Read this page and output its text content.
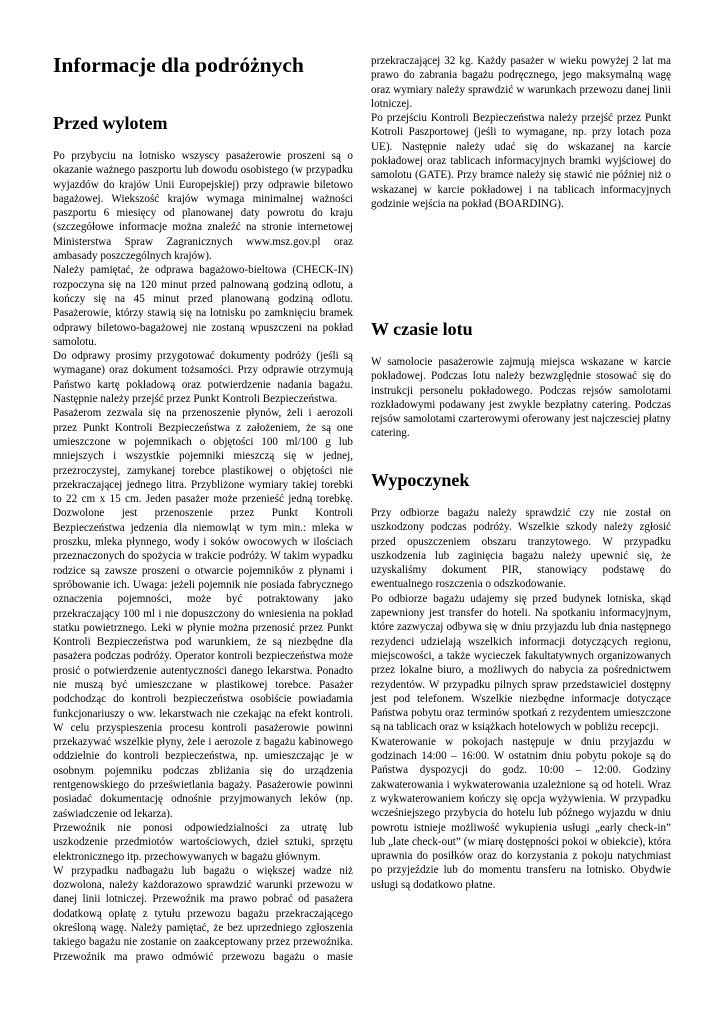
Informacje dla podróżnych
Przed wylotem

Po przybyciu na lotnisko wszyscy pasażerowie proszeni są o okazanie ważnego paszportu lub dowodu osobistego (w przypadku wyjazdów do krajów Unii Europejskiej) przy odprawie biletowo bagażowej. Wiekszość krajów wymaga minimalnej ważności paszportu 6 miesięcy od planowanej daty powrotu do kraju (szczegółowe informacje można znaleźć na stronie internetowej Ministerstwa Spraw Zagranicznych www.msz.gov.pl oraz ambasady poszczególnych krajów).

Należy pamiętać, że odprawa bagażowo-bieltowa (CHECK-IN) rozpoczyna się na 120 minut przed palnowaną godziną odlotu, a kończy się na 45 minut przed planowaną godziną odlotu. Pasażerowie, którzy stawią się na lotnisku po zamknięciu bramek odprawy biletowo-bagażowej nie zostaną wpuszczeni na pokład samolotu.

Do odprawy prosimy przygotować dokumenty podróży (jeśli są wymagane) oraz dokument tożsamości. Przy odprawie otrzymują Państwo kartę pokładową oraz potwierdzenie nadania bagażu. Następnie należy przejść przez Punkt Kontroli Bezpieczeństwa.

Pasażerom zezwala się na przenoszenie płynów, żeli i aerozoli przez Punkt Kontroli Bezpieczeństwa z założeniem, że są one umieszczone w pojemnikach o objętości 100 ml/100 g lub mniejszych i wszystkie pojemniki mieszczą się w jednej, przezroczystej, zamykanej torebce plastikowej o objętości nie przekraczającej jednego litra. Przybliżone wymiary takiej torebki to 22 cm x 15 cm. Jeden pasażer może przenieść jedną torebkę. Dozwolone jest przenoszenie przez Punkt Kontroli Bezpieczeństwa jedzenia dla niemowląt w tym min.: mleka w proszku, mleka płynnego, wody i soków owocowych w ilościach przeznaczonych do spożycia w trakcie podróży. W takim wypadku rodzice są zawsze proszeni o otwarcie pojemników z płynami i spróbowanie ich. Uwaga: jeżeli pojemnik nie posiada fabrycznego oznaczenia pojemności, może być potraktowany jako przekraczający 100 ml i nie dopuszczony do wniesienia na pokład statku powietrznego. Leki w płynie można przenosić przez Punkt Kontroli Bezpieczeństwa pod warunkiem, że są niezbędne dla pasażera podczas podróży. Operator kontroli bezpieczeństwa może prosić o potwierdzenie autentyczności danego lekarstwa. Ponadto nie muszą być umieszczane w plastikowej torebce. Pasażer podchodząc do kontroli bezpieczeństwa osobiście powiadamia funkcjonariuszy o ww. lekarstwach nie czekając na efekt kontroli. W celu przyspieszenia procesu kontroli pasażerowie powinni przekazywać wszelkie płyny, żele i aerozole z bagażu kabinowego oddzielnie do kontroli bezpieczeństwa, np. umieszczając je w osobnym pojemniku podczas zbliżania się do urządzenia rentgenowskiego do prześwietlania bagaży. Pasażerowie powinni posiadać dokumentację odnośnie przyjmowanych leków (np. zaświadczenie od lekarza).

Przewoźnik nie ponosi odpowiedzialności za utratę lub uszkodzenie przedmiotów wartościowych, dzieł sztuki, sprzętu elektronicznego itp. przechowywanych w bagażu głównym.

W przypadku nadbagażu lub bagażu o większej wadze niż dozwolona, należy każdorazowo sprawdzić warunki przewozu w danej linii lotniczej. Przewoźnik ma prawo pobrać od pasażera dodatkową opłatę z tytułu przewozu bagażu przekraczającego określoną wagę. Należy pamiętać, że bez uprzedniego zgłoszenia takiego bagażu nie zostanie on zaakceptowany przez przewoźnika. Przewoźnik ma prawo odmówić przewozu bagażu o masie

W czasie lotu

W samolocie pasażerowie zajmują miejsca wskazane w karcie pokładowej. Podczas lotu należy bezwzględnie stosować się do instrukcji personelu pokładowego. Podczas rejsów samolotami rozkładowymi podawany jest zwykle bezpłatny catering. Podczas rejsów samolotami czarterowymi oferowany jest najczesciej płatny catering.

Wypoczynek

Przy odbiorze bagażu należy sprawdzić czy nie został on uszkodzony podczas podróży. Wszelkie szkody należy zgłosić przed opuszczeniem obszaru tranzytowego. W przypadku uszkodzenia lub zaginięcia bagażu należy upewnić się, że uzyskaliśmy dokument PIR, stanowiący podstawę do ewentualnego roszczenia o odszkodowanie.

Po odbiorze bagażu udajemy się przed budynek lotniska, skąd zapewniony jest transfer do hoteli. Na spotkaniu informacyjnym, które zazwyczaj odbywa się w dniu przyjazdu lub dnia następnego rezydenci udzielają wszelkich informacji dotyczących regionu, miejscowości, a także wycieczek fakultatywnych organizowanych przez lokalne biuro, a możliwych do nabycia za pośrednictwem rezydentów. W przypadku pilnych spraw przedstawiciel dostępny jest pod telefonem. Wszelkie niezbędne informacje dotyczące Państwa pobytu oraz terminów spotkań z rezydentem umieszczone są na tablicach oraz w książkach hotelowych w pobliżu recepcji.

Kwaterowanie w pokojach następuje w dniu przyjazdu w godzinach 14:00 – 16:00. W ostatnim dniu pobytu pokoje są do Państwa dyspozycji do godz. 10:00 – 12:00. Godziny zakwaterowania i wykwaterowania uzależnione są od hoteli. Wraz z wykwaterowaniem kończy się opcja wyżywienia. W przypadku wcześniejszego przybycia do hotelu lub późnego wyjazdu w dniu powrotu istnieje możliwość wykupienia usługi „early check-in” lub „late check-out” (w miarę dostępności pokoi w obiekcie), która uprawnia do posiłków oraz do korzystania z pokoju natychmiast po przyjeździe lub do momentu transferu na lotnisko. Obydwie usługi są dodatkowo płatne.

przekraczającej 32 kg. Każdy pasażer w wieku powyżej 2 lat ma prawo do zabrania bagażu podręcznego, jego maksymalną wagę oraz wymiary należy sprawdzić w warunkach przewozu danej linii lotniczej.

Po przejściu Kontroli Bezpieczeństwa należy przejść przez Punkt Kotroli Paszportowej (jeśli to wymagane, np. przy lotach poza UE). Następnie należy udać się do wskazanej na karcie pokładowej oraz tablicach informacyjnych bramki wyjściowej do samolotu (GATE). Przy bramce należy się stawić nie później niż o wskazanej w karcie pokładowej i na tablicach informacyjnych godzinie wejścia na pokład (BOARDING).
